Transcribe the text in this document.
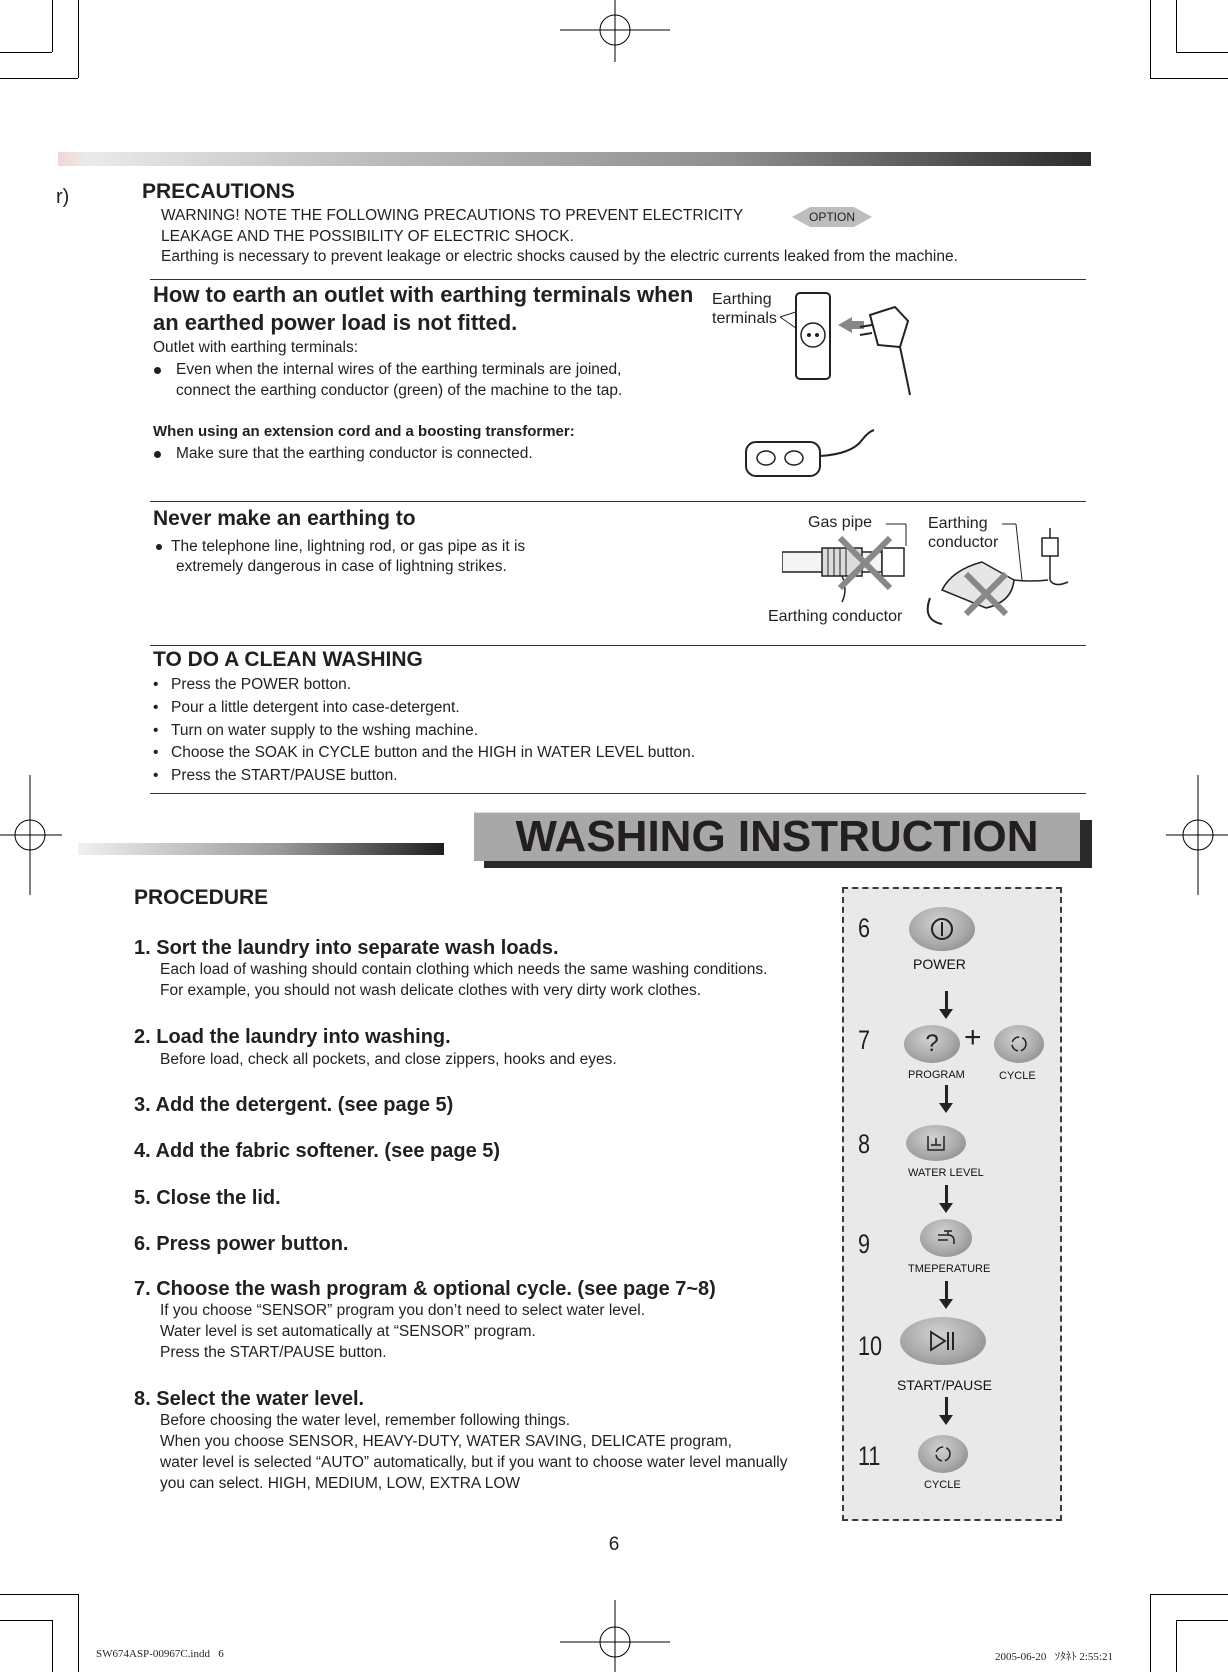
r)	PRECAUTIONS
WARNING! NOTE THE FOLLOWING PRECAUTIONS TO PREVENT ELECTRICITY	OPTION
LEAKAGE AND THE POSSIBILITY OF ELECTRIC SHOCK.
Earthing is necessary to prevent leakage or electric shocks caused by the electric currents leaked from the machine.
How to earth an outlet with earthing terminals when
an earthed power load is not fitted.
Outlet with earthing terminals:
Even when the internal wires of the earthing terminals are joined,
connect the earthing conductor (green) of the machine to the tap.
When using an extension cord and a boosting transformer:
Make sure that the earthing conductor is connected.
Earthing
terminals
Never make an earthing to
The telephone line, lightning rod, or gas pipe as it is
extremely dangerous in case of lightning strikes.
Gas pipe	Earthing
conductor
Earthing conductor
TO DO A CLEAN WASHING
• Press the POWER botton.
• Pour a little detergent into case-detergent.
• Turn on water supply to the wshing machine.
• Choose the SOAK in CYCLE button and the HIGH in WATER LEVEL button.
• Press the START/PAUSE button.
WASHING INSTRUCTION
PROCEDURE
1. Sort the laundry into separate wash loads.
Each load of washing should contain clothing which needs the same washing conditions.
For example, you should not wash delicate clothes with very dirty work clothes.
2. Load the laundry into washing.
Before load, check all pockets, and close zippers, hooks and eyes.
3. Add the detergent. (see page 5)
4. Add the fabric softener. (see page 5)
5. Close the lid.
6. Press power button.
7. Choose the wash program & optional cycle. (see page 7~8)
If you choose “SENSOR” program you don’t need to select water level.
Water level is set automatically at “SENSOR” program.
Press the START/PAUSE button.
8. Select the water level.
Before choosing the water level, remember following things.
When you choose SENSOR, HEAVY-DUTY, WATER SAVING, DELICATE program,
water level is selected “AUTO” automatically, but if you want to choose water level manually
you can select. HIGH, MEDIUM, LOW, EXTRA LOW
6
POWER
7 ? +
PROGRAM	CYCLE
8
WATER LEVEL
9
TMEPERATURE
10
START/PAUSE
11
CYCLE
6
SW674ASP-00967C.indd   6	2005-06-20   ｿﾀﾈﾄ 2:55:21
